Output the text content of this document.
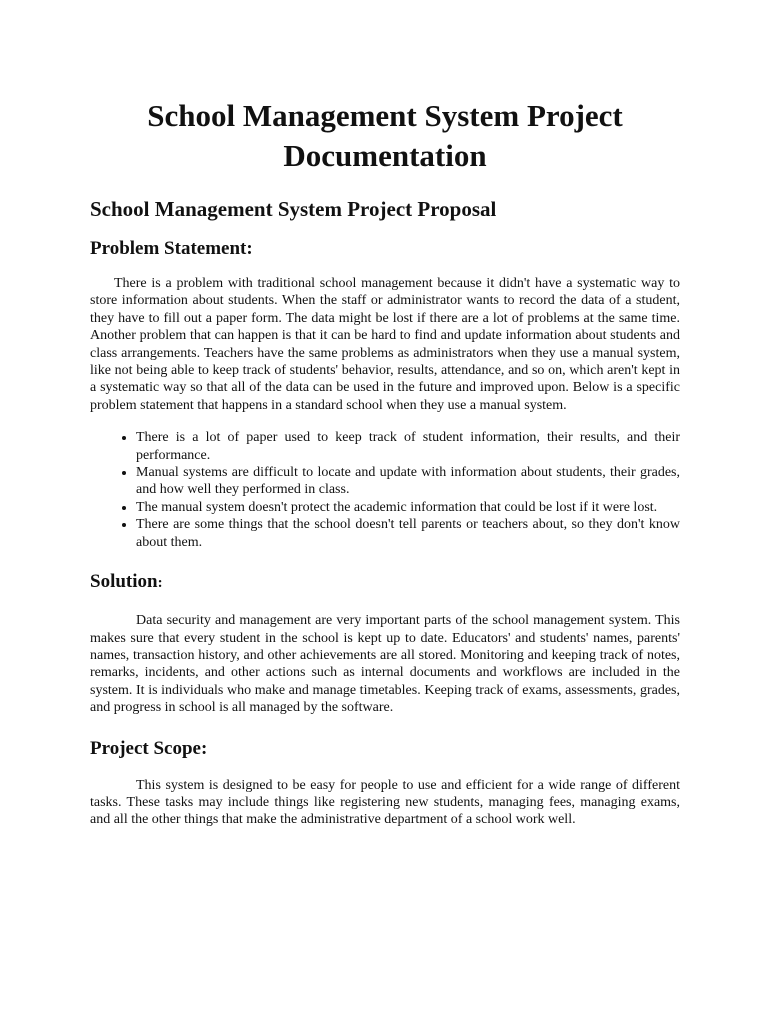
School Management System Project
Documentation
School Management System Project Proposal
Problem Statement:

There is a problem with traditional school management because it didn't have a systematic way to store information about students. When the staff or administrator wants to record the data of a student, they have to fill out a paper form. The data might be lost if there are a lot of problems at the same time. Another problem that can happen is that it can be hard to find and update information about students and class arrangements. Teachers have the same problems as administrators when they use a manual system, like not being able to keep track of students' behavior, results, attendance, and so on, which aren't kept in a systematic way so that all of the data can be used in the future and improved upon. Below is a specific problem statement that happens in a standard school when they use a manual system.

• There is a lot of paper used to keep track of student information, their results, and their performance.
• Manual systems are difficult to locate and update with information about students, their grades, and how well they performed in class.
• The manual system doesn't protect the academic information that could be lost if it were lost.
• There are some things that the school doesn't tell parents or teachers about, so they don't know about them.
Solution:

Data security and management are very important parts of the school management system. This makes sure that every student in the school is kept up to date. Educators' and students' names, parents' names, transaction history, and other achievements are all stored. Monitoring and keeping track of notes, remarks, incidents, and other actions such as internal documents and workflows are included in the system. It is individuals who make and manage timetables. Keeping track of exams, assessments, grades, and progress in school is all managed by the software.

Project Scope:

This system is designed to be easy for people to use and efficient for a wide range of different tasks. These tasks may include things like registering new students, managing fees, managing exams, and all the other things that make the administrative department of a school work well.
